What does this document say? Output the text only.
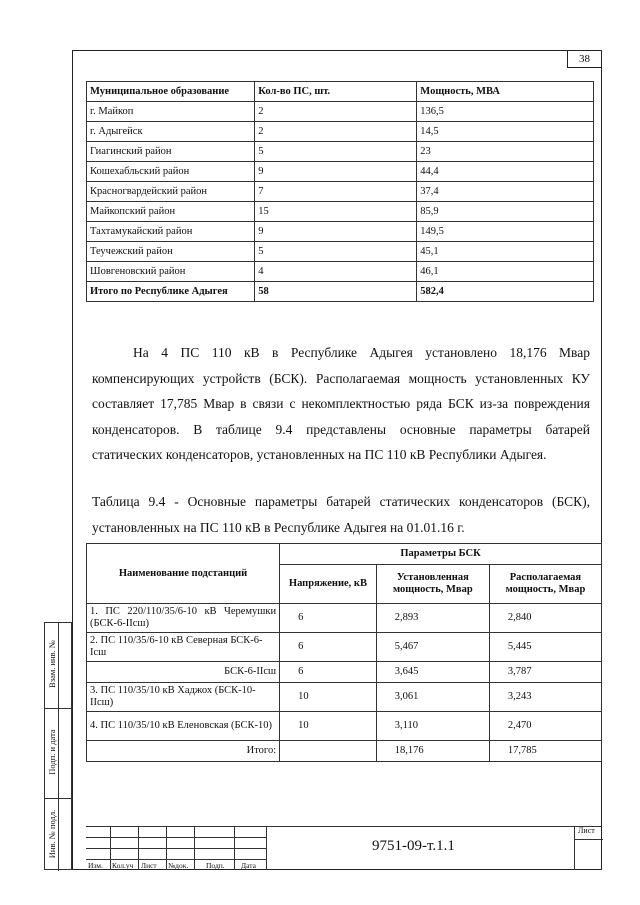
38
Муниципальное образование	Кол-во ПС, шт.	Мощность, МВА
г. Майкоп	2	136,5
г. Адыгейск	2	14,5
Гиагинский район	5	23
Кошехабльский район	9	44,4
Красногвардейский район	7	37,4
Майкопский район	15	85,9
Тахтамукайский район	9	149,5
Теучежский район	5	45,1
Шовгеновский район	4	46,1
Итого по Республике Адыгея	58	582,4
На 4 ПС 110 кВ в Республике Адыгея установлено 18,176 Мвар компенсирующих устройств (БСК). Располагаемая мощность установленных КУ составляет 17,785 Мвар в связи с некомплектностью ряда БСК из-за повреждения конденсаторов. В таблице 9.4 представлены основные параметры батарей статических конденсаторов, установленных на ПС 110 кВ Республики Адыгея.
Таблица 9.4 - Основные параметры батарей статических конденсаторов (БСК), установленных на ПС 110 кВ в Республике Адыгея на 01.01.16 г.
Наименование подстанций	Параметры БСК		
	Напряжение, кВ	Установленная мощность, Мвар	Располагаемая мощность, Мвар
1. ПС 220/110/35/6-10 кВ Черемушки (БСК-6-IIсш)	6	2,893	2,840
2. ПС 110/35/6-10 кВ Северная БСК-6-Iсш	6	5,467	5,445
БСК-6-IIсш	6	3,645	3,787
3. ПС 110/35/10 кВ Хаджох (БСК-10-IIсш)	10	3,061	3,243
4. ПС 110/35/10 кВ Еленовская (БСК-10)	10	3,110	2,470
Итого:		18,176	17,785
Взам. инв. №
Подп. и дата
Инв. № подл.
Изм. Кол.уч Лист №док. Подп. Дата
Лист
9751-09-т.1.1
